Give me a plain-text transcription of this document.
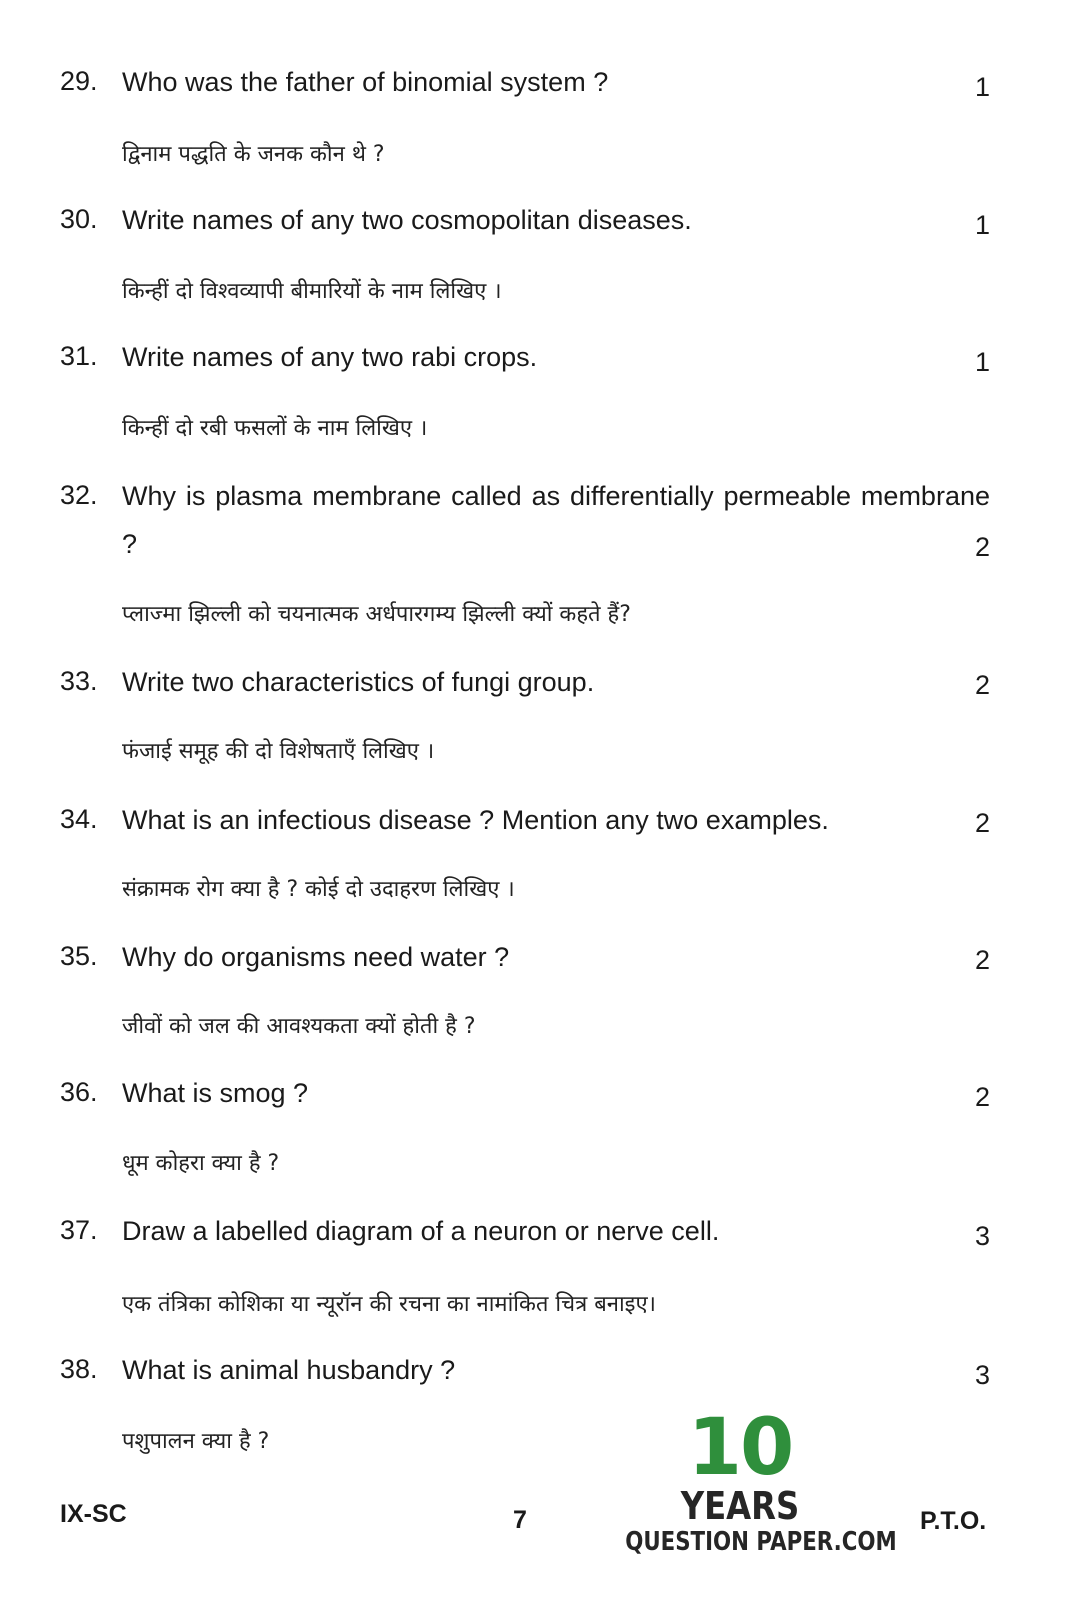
29. Who was the father of binomial system ?	1
द्विनाम पद्धति के जनक कौन थे ?
30. Write names of any two cosmopolitan diseases.	1
किन्हीं दो विश्वव्यापी बीमारियों के नाम लिखिए ।
31. Write names of any two rabi crops.	1
किन्हीं दो रबी फसलों के नाम लिखिए ।
32. Why is plasma membrane called as differentially permeable membrane ?	2
प्लाज्मा झिल्ली को चयनात्मक अर्धपारगम्य झिल्ली क्यों कहते हैं?
33. Write two characteristics of fungi group.	2
फंजाई समूह की दो विशेषताएँ लिखिए ।
34. What is an infectious disease ? Mention any two examples.	2
संक्रामक रोग क्या है ? कोई दो उदाहरण लिखिए ।
35. Why do organisms need water ?	2
जीवों को जल की आवश्यकता क्यों होती है ?
36. What is smog ?	2
धूम कोहरा क्या है ?
37. Draw a labelled diagram of a neuron or nerve cell.	3
एक तंत्रिका कोशिका या न्यूरॉन की रचना का नामांकित चित्र बनाइए।
38. What is animal husbandry ?	3
पशुपालन क्या है ?
IX-SC	7	P.T.O.
10
YEARS
QUESTION PAPER.COM
